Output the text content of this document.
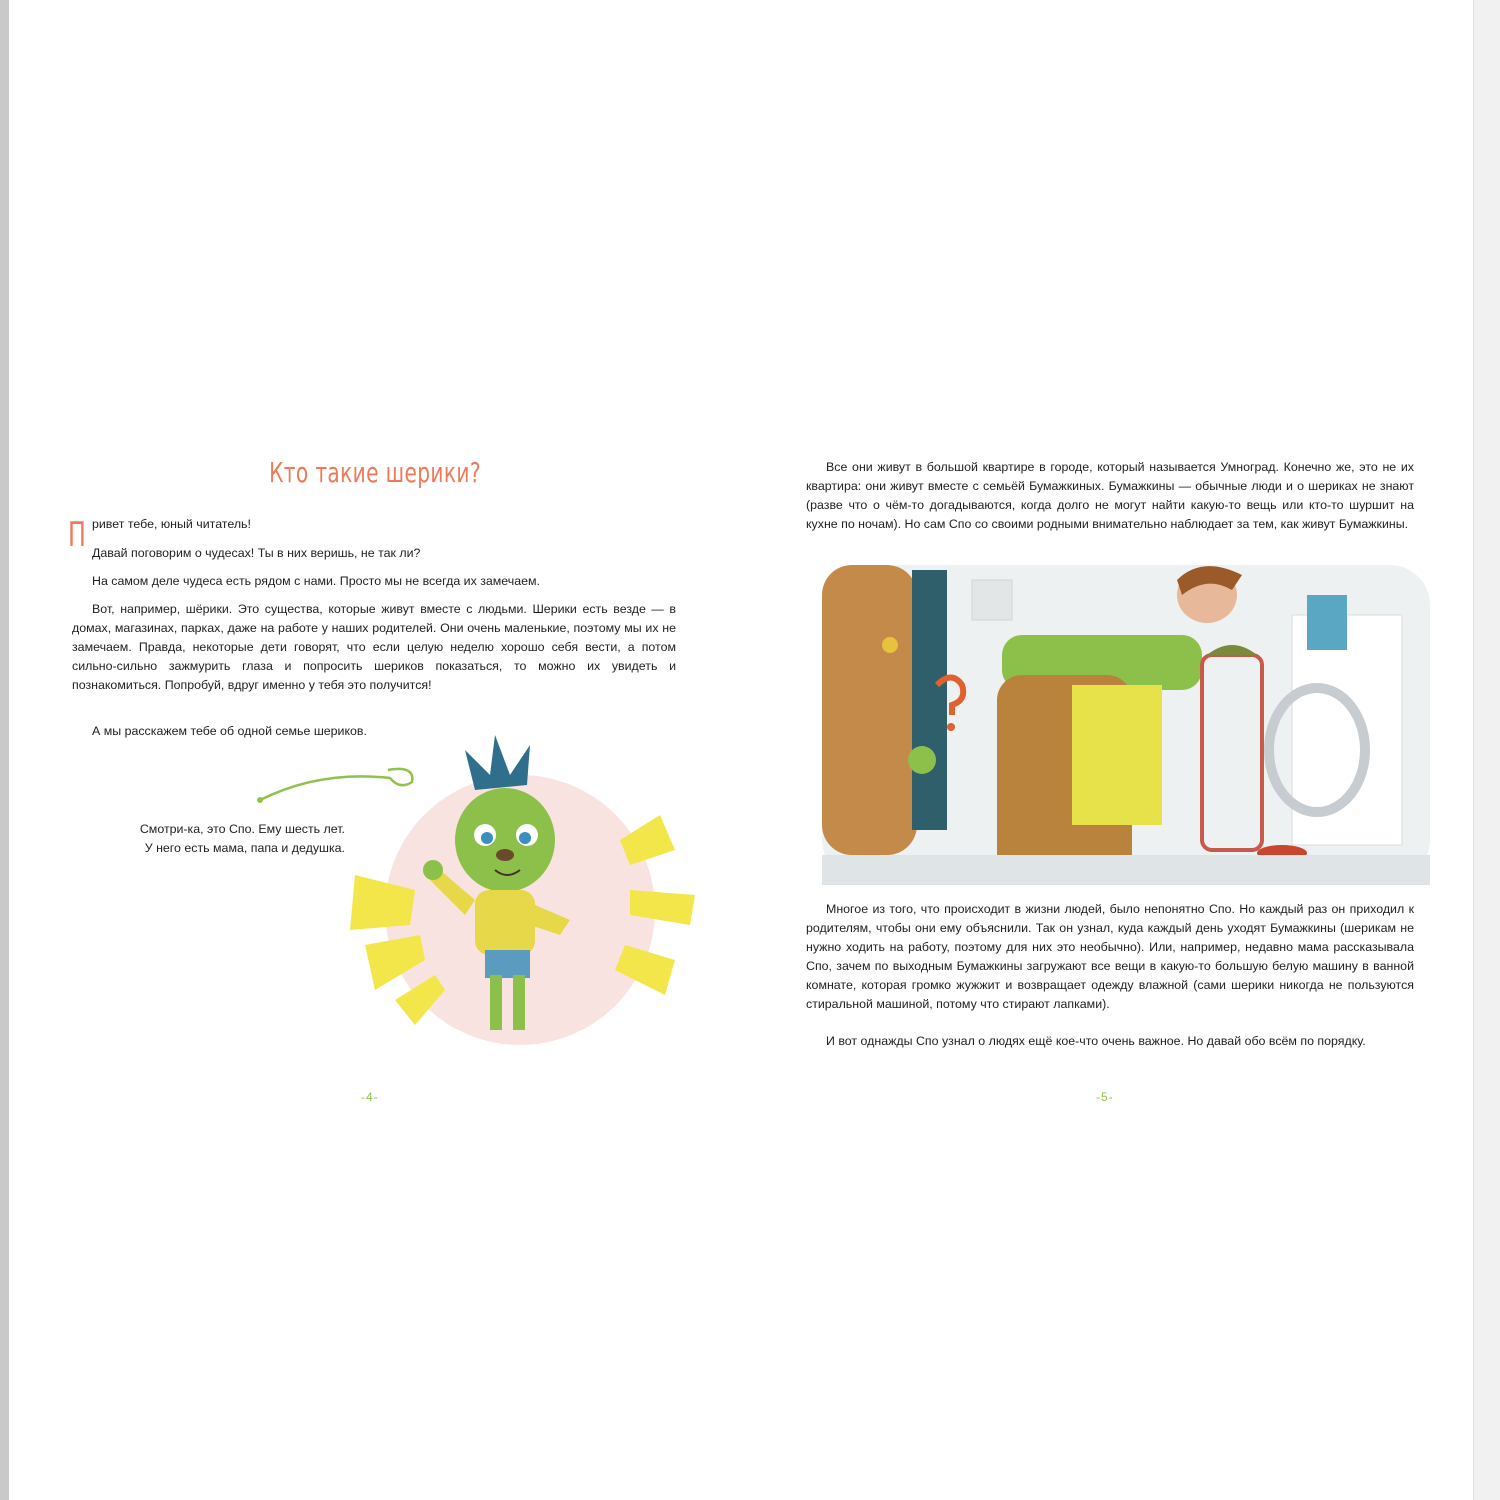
Кто такие шерики?
П ривет тебе, юный читатель!

Давай поговорим о чудесах! Ты в них веришь, не так ли?
На самом деле чудеса есть рядом с нами. Просто мы не всегда их замечаем.
Вот, например, шёрики. Это существа, которые живут вместе с людьми. Шерики есть везде — в домах, магазинах, парках, даже на работе у наших родителей. Они очень маленькие, поэтому мы их не замечаем. Правда, некоторые дети говорят, что если целую неделю хорошо себя вести, а потом сильно-сильно зажмурить глаза и попросить шериков показаться, то можно их увидеть и познакомиться. Попробуй, вдруг именно у тебя это получится!
А мы расскажем тебе об одной семье шериков.
Смотри-ка, это Спо. Ему шесть лет.
У него есть мама, папа и дедушка.
-4-
Все они живут в большой квартире в городе, который называется Умноград. Конечно же, это не их квартира: они живут вместе с семьёй Бумажкиных. Бумажкины — обычные люди и о шериках не знают (разве что о чём-то догадываются, когда долго не могут найти какую-то вещь или кто-то шуршит на кухне по ночам). Но сам Спо со своими родными внимательно наблюдает за тем, как живут Бумажкины.
Многое из того, что происходит в жизни людей, было непонятно Спо. Но каждый раз он приходил к родителям, чтобы они ему объяснили. Так он узнал, куда каждый день уходят Бумажкины (шерикам не нужно ходить на работу, поэтому для них это необычно). Или, например, недавно мама рассказывала Спо, зачем по выходным Бумажкины загружают все вещи в какую-то большую белую машину в ванной комнате, которая громко жужжит и возвращает одежду влажной (сами шерики никогда не пользуются стиральной машиной, потому что стирают лапками).
И вот однажды Спо узнал о людях ещё кое-что очень важное. Но давай обо всём по порядку.
-5-
